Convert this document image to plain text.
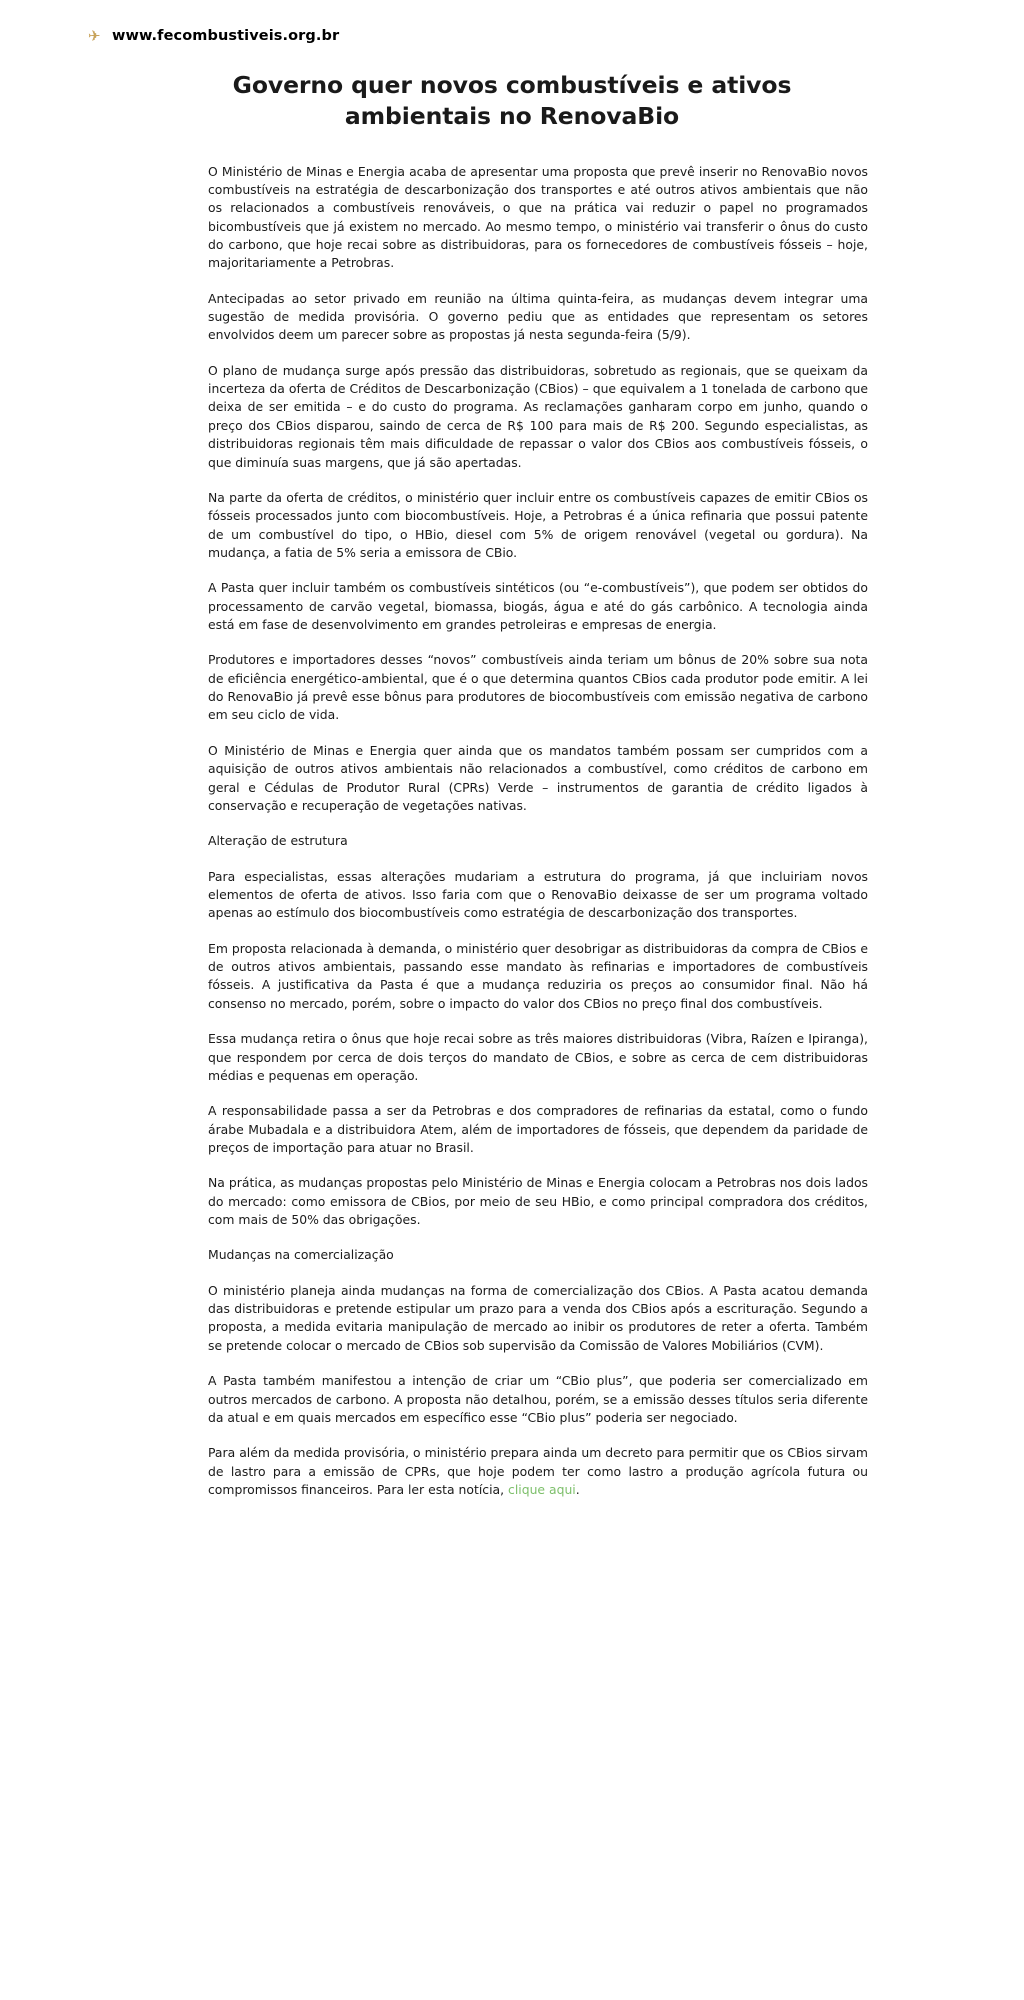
✈ www.fecombustiveis.org.br
Governo quer novos combustíveis e ativos ambientais no RenovaBio

O Ministério de Minas e Energia acaba de apresentar uma proposta que prevê inserir no RenovaBio novos combustíveis na estratégia de descarbonização dos transportes e até outros ativos ambientais que não os relacionados a combustíveis renováveis, o que na prática vai reduzir o papel no programados bicombustíveis que já existem no mercado. Ao mesmo tempo, o ministério vai transferir o ônus do custo do carbono, que hoje recai sobre as distribuidoras, para os fornecedores de combustíveis fósseis – hoje, majoritariamente a Petrobras.

Antecipadas ao setor privado em reunião na última quinta-feira, as mudanças devem integrar uma sugestão de medida provisória. O governo pediu que as entidades que representam os setores envolvidos deem um parecer sobre as propostas já nesta segunda-feira (5/9).

O plano de mudança surge após pressão das distribuidoras, sobretudo as regionais, que se queixam da incerteza da oferta de Créditos de Descarbonização (CBios) – que equivalem a 1 tonelada de carbono que deixa de ser emitida – e do custo do programa. As reclamações ganharam corpo em junho, quando o preço dos CBios disparou, saindo de cerca de R$ 100 para mais de R$ 200. Segundo especialistas, as distribuidoras regionais têm mais dificuldade de repassar o valor dos CBios aos combustíveis fósseis, o que diminuía suas margens, que já são apertadas.

Na parte da oferta de créditos, o ministério quer incluir entre os combustíveis capazes de emitir CBios os fósseis processados junto com biocombustíveis. Hoje, a Petrobras é a única refinaria que possui patente de um combustível do tipo, o HBio, diesel com 5% de origem renovável (vegetal ou gordura). Na mudança, a fatia de 5% seria a emissora de CBio.

A Pasta quer incluir também os combustíveis sintéticos (ou “e-combustíveis”), que podem ser obtidos do processamento de carvão vegetal, biomassa, biogás, água e até do gás carbônico. A tecnologia ainda está em fase de desenvolvimento em grandes petroleiras e empresas de energia.

Produtores e importadores desses “novos” combustíveis ainda teriam um bônus de 20% sobre sua nota de eficiência energético-ambiental, que é o que determina quantos CBios cada produtor pode emitir. A lei do RenovaBio já prevê esse bônus para produtores de biocombustíveis com emissão negativa de carbono em seu ciclo de vida.

O Ministério de Minas e Energia quer ainda que os mandatos também possam ser cumpridos com a aquisição de outros ativos ambientais não relacionados a combustível, como créditos de carbono em geral e Cédulas de Produtor Rural (CPRs) Verde – instrumentos de garantia de crédito ligados à conservação e recuperação de vegetações nativas.

Alteração de estrutura

Para especialistas, essas alterações mudariam a estrutura do programa, já que incluiriam novos elementos de oferta de ativos. Isso faria com que o RenovaBio deixasse de ser um programa voltado apenas ao estímulo dos biocombustíveis como estratégia de descarbonização dos transportes.

Em proposta relacionada à demanda, o ministério quer desobrigar as distribuidoras da compra de CBios e de outros ativos ambientais, passando esse mandato às refinarias e importadores de combustíveis fósseis. A justificativa da Pasta é que a mudança reduziria os preços ao consumidor final. Não há consenso no mercado, porém, sobre o impacto do valor dos CBios no preço final dos combustíveis.

Essa mudança retira o ônus que hoje recai sobre as três maiores distribuidoras (Vibra, Raízen e Ipiranga), que respondem por cerca de dois terços do mandato de CBios, e sobre as cerca de cem distribuidoras médias e pequenas em operação.

A responsabilidade passa a ser da Petrobras e dos compradores de refinarias da estatal, como o fundo árabe Mubadala e a distribuidora Atem, além de importadores de fósseis, que dependem da paridade de preços de importação para atuar no Brasil.

Na prática, as mudanças propostas pelo Ministério de Minas e Energia colocam a Petrobras nos dois lados do mercado: como emissora de CBios, por meio de seu HBio, e como principal compradora dos créditos, com mais de 50% das obrigações.

Mudanças na comercialização

O ministério planeja ainda mudanças na forma de comercialização dos CBios. A Pasta acatou demanda das distribuidoras e pretende estipular um prazo para a venda dos CBios após a escrituração. Segundo a proposta, a medida evitaria manipulação de mercado ao inibir os produtores de reter a oferta. Também se pretende colocar o mercado de CBios sob supervisão da Comissão de Valores Mobiliários (CVM).

A Pasta também manifestou a intenção de criar um “CBio plus”, que poderia ser comercializado em outros mercados de carbono. A proposta não detalhou, porém, se a emissão desses títulos seria diferente da atual e em quais mercados em específico esse “CBio plus” poderia ser negociado.

Para além da medida provisória, o ministério prepara ainda um decreto para permitir que os CBios sirvam de lastro para a emissão de CPRs, que hoje podem ter como lastro a produção agrícola futura ou compromissos financeiros. Para ler esta notícia, clique aqui.
